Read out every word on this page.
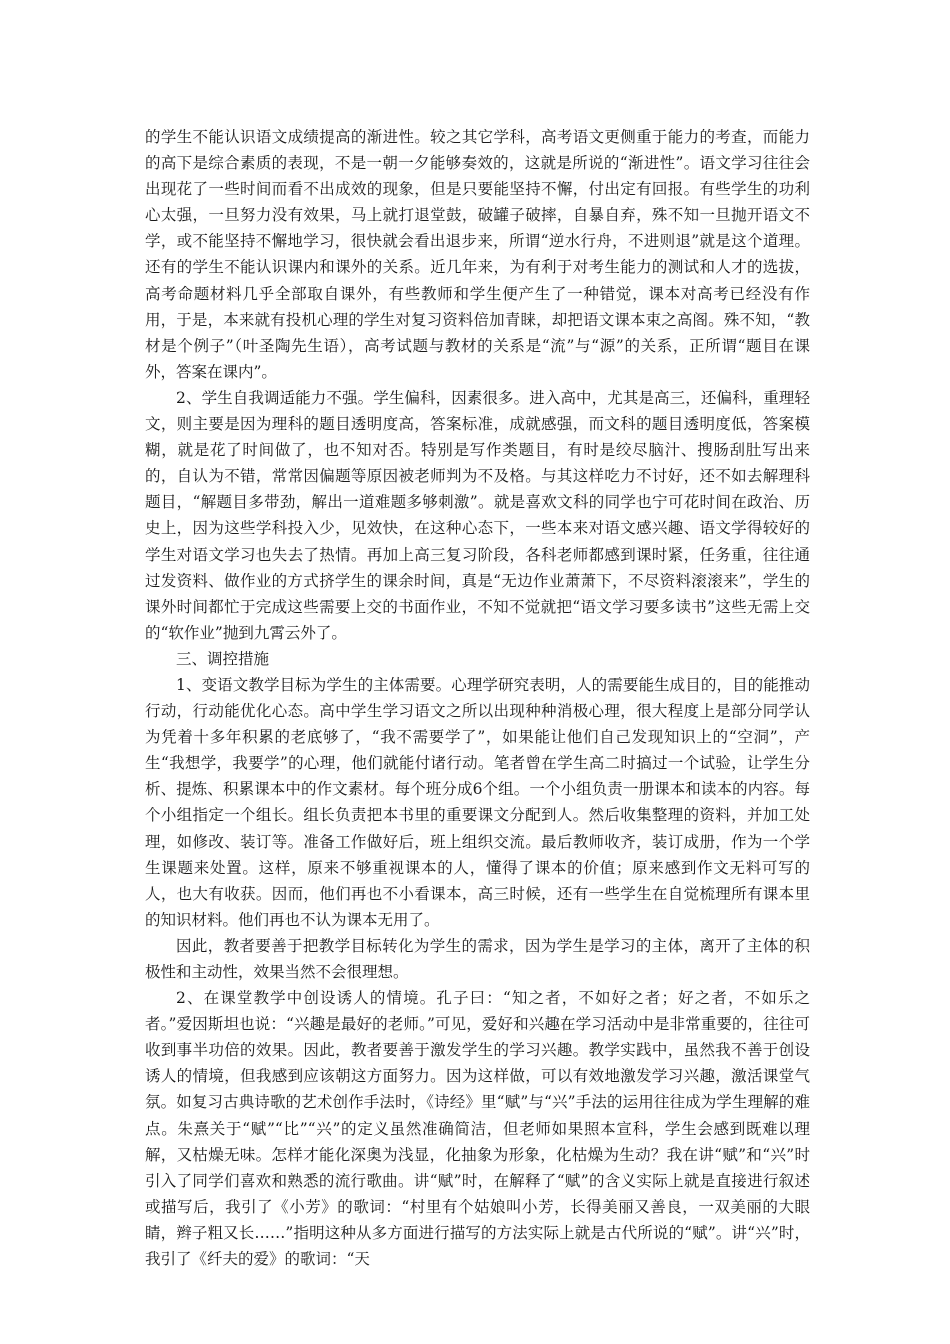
的学生不能认识语文成绩提高的渐进性。较之其它学科，高考语文更侧重于能力的考查，而能力的高下是综合素质的表现，不是一朝一夕能够奏效的，这就是所说的“渐进性”。语文学习往往会出现花了一些时间而看不出成效的现象，但是只要能坚持不懈，付出定有回报。有些学生的功利心太强，一旦努力没有效果，马上就打退堂鼓，破罐子破摔，自暴自弃，殊不知一旦抛开语文不学，或不能坚持不懈地学习，很快就会看出退步来，所谓“逆水行舟，不进则退”就是这个道理。还有的学生不能认识课内和课外的关系。近几年来，为有利于对考生能力的测试和人才的选拔，高考命题材料几乎全部取自课外，有些教师和学生便产生了一种错觉，课本对高考已经没有作用，于是，本来就有投机心理的学生对复习资料倍加青睐，却把语文课本束之高阁。殊不知，“教材是个例子”（叶圣陶先生语），高考试题与教材的关系是“流”与“源”的关系，正所谓“题目在课外，答案在课内”。

2、学生自我调适能力不强。学生偏科，因素很多。进入高中，尤其是高三，还偏科，重理轻文，则主要是因为理科的题目透明度高，答案标准，成就感强，而文科的题目透明度低，答案模糊，就是花了时间做了，也不知对否。特别是写作类题目，有时是绞尽脑汁、搜肠刮肚写出来的，自认为不错，常常因偏题等原因被老师判为不及格。与其这样吃力不讨好，还不如去解理科题目，“解题目多带劲，解出一道难题多够刺激”。就是喜欢文科的同学也宁可花时间在政治、历史上，因为这些学科投入少，见效快，在这种心态下，一些本来对语文感兴趣、语文学得较好的学生对语文学习也失去了热情。再加上高三复习阶段，各科老师都感到课时紧，任务重，往往通过发资料、做作业的方式挤学生的课余时间，真是“无边作业萧萧下，不尽资料滚滚来”，学生的课外时间都忙于完成这些需要上交的书面作业，不知不觉就把“语文学习要多读书”这些无需上交的“软作业”抛到九霄云外了。

三、调控措施

1、变语文教学目标为学生的主体需要。心理学研究表明，人的需要能生成目的，目的能推动行动，行动能优化心态。高中学生学习语文之所以出现种种消极心理，很大程度上是部分同学认为凭着十多年积累的老底够了，“我不需要学了”，如果能让他们自己发现知识上的“空洞”，产生“我想学，我要学”的心理，他们就能付诸行动。笔者曾在学生高二时搞过一个试验，让学生分析、提炼、积累课本中的作文素材。每个班分成6个组。一个小组负责一册课本和读本的内容。每个小组指定一个组长。组长负责把本书里的重要课文分配到人。然后收集整理的资料，并加工处理，如修改、装订等。准备工作做好后，班上组织交流。最后教师收齐，装订成册，作为一个学生课题来处置。这样，原来不够重视课本的人，懂得了课本的价值；原来感到作文无料可写的人，也大有收获。因而，他们再也不小看课本，高三时候，还有一些学生在自觉梳理所有课本里的知识材料。他们再也不认为课本无用了。

因此，教者要善于把教学目标转化为学生的需求，因为学生是学习的主体，离开了主体的积极性和主动性，效果当然不会很理想。

2、在课堂教学中创设诱人的情境。孔子曰：“知之者，不如好之者；好之者，不如乐之者。”爱因斯坦也说：“兴趣是最好的老师。”可见，爱好和兴趣在学习活动中是非常重要的，往往可收到事半功倍的效果。因此，教者要善于激发学生的学习兴趣。教学实践中，虽然我不善于创设诱人的情境，但我感到应该朝这方面努力。因为这样做，可以有效地激发学习兴趣，激活课堂气氛。如复习古典诗歌的艺术创作手法时，《诗经》里“赋”与“兴”手法的运用往往成为学生理解的难点。朱熹关于“赋”“比”“兴”的定义虽然准确简洁，但老师如果照本宣科，学生会感到既难以理解，又枯燥无味。怎样才能化深奥为浅显，化抽象为形象，化枯燥为生动？我在讲“赋”和“兴”时引入了同学们喜欢和熟悉的流行歌曲。讲“赋”时，在解释了“赋”的含义实际上就是直接进行叙述或描写后，我引了《小芳》的歌词：“村里有个姑娘叫小芳，长得美丽又善良，一双美丽的大眼睛，辫子粗又长……”指明这种从多方面进行描写的方法实际上就是古代所说的“赋”。讲“兴”时，我引了《纤夫的爱》的歌词：“天
